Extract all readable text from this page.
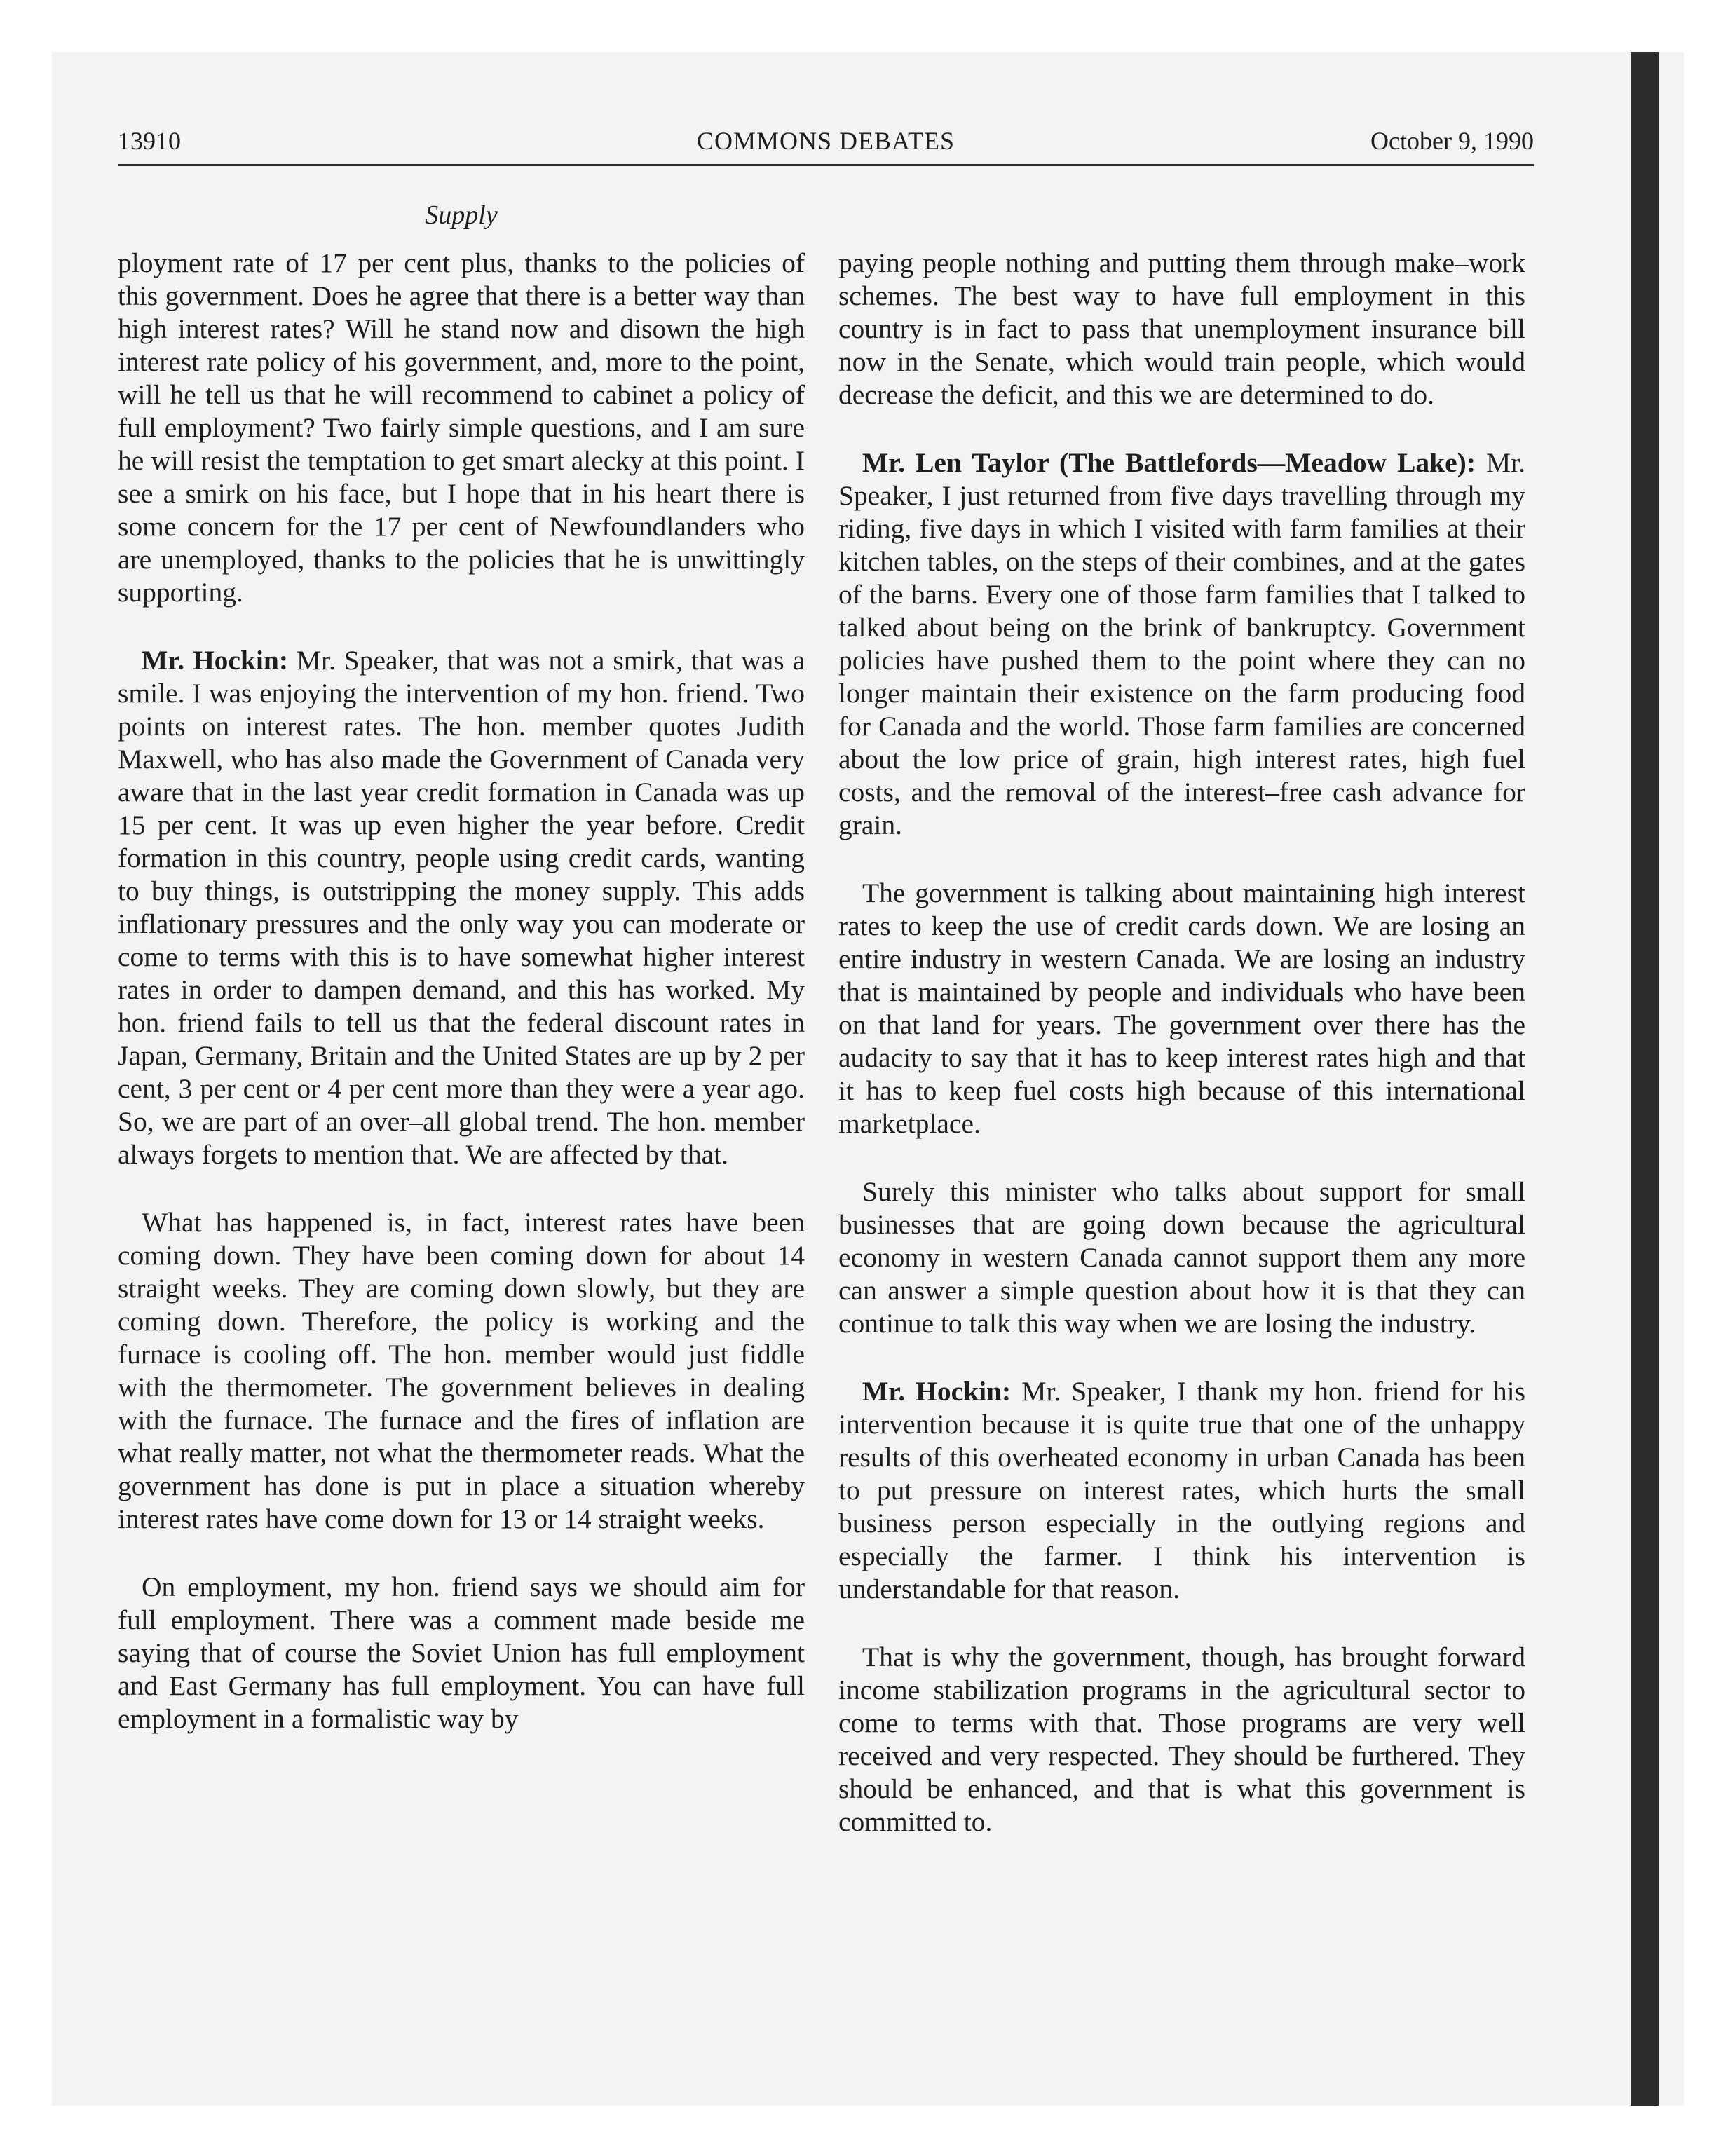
13910	COMMONS DEBATES	October 9, 1990
Supply

ployment rate of 17 per cent plus, thanks to the policies of this government. Does he agree that there is a better way than high interest rates? Will he stand now and disown the high interest rate policy of his government, and, more to the point, will he tell us that he will recommend to cabinet a policy of full employment? Two fairly simple questions, and I am sure he will resist the temptation to get smart alecky at this point. I see a smirk on his face, but I hope that in his heart there is some concern for the 17 per cent of Newfoundlanders who are unemployed, thanks to the policies that he is unwittingly supporting.

Mr. Hockin: Mr. Speaker, that was not a smirk, that was a smile. I was enjoying the intervention of my hon. friend. Two points on interest rates. The hon. member quotes Judith Maxwell, who has also made the Government of Canada very aware that in the last year credit formation in Canada was up 15 per cent. It was up even higher the year before. Credit formation in this country, people using credit cards, wanting to buy things, is outstripping the money supply. This adds inflationary pressures and the only way you can moderate or come to terms with this is to have somewhat higher interest rates in order to dampen demand, and this has worked. My hon. friend fails to tell us that the federal discount rates in Japan, Germany, Britain and the United States are up by 2 per cent, 3 per cent or 4 per cent more than they were a year ago. So, we are part of an over–all global trend. The hon. member always forgets to mention that. We are affected by that.

What has happened is, in fact, interest rates have been coming down. They have been coming down for about 14 straight weeks. They are coming down slowly, but they are coming down. Therefore, the policy is working and the furnace is cooling off. The hon. member would just fiddle with the thermometer. The government believes in dealing with the furnace. The furnace and the fires of inflation are what really matter, not what the thermometer reads. What the government has done is put in place a situation whereby interest rates have come down for 13 or 14 straight weeks.

On employment, my hon. friend says we should aim for full employment. There was a comment made beside me saying that of course the Soviet Union has full employment and East Germany has full employment. You can have full employment in a formalistic way by

paying people nothing and putting them through make–work schemes. The best way to have full employment in this country is in fact to pass that unemployment insurance bill now in the Senate, which would train people, which would decrease the deficit, and this we are determined to do.

Mr. Len Taylor (The Battlefords—Meadow Lake): Mr. Speaker, I just returned from five days travelling through my riding, five days in which I visited with farm families at their kitchen tables, on the steps of their combines, and at the gates of the barns. Every one of those farm families that I talked to talked about being on the brink of bankruptcy. Government policies have pushed them to the point where they can no longer maintain their existence on the farm producing food for Canada and the world. Those farm families are concerned about the low price of grain, high interest rates, high fuel costs, and the removal of the interest–free cash advance for grain.

The government is talking about maintaining high interest rates to keep the use of credit cards down. We are losing an entire industry in western Canada. We are losing an industry that is maintained by people and individuals who have been on that land for years. The government over there has the audacity to say that it has to keep interest rates high and that it has to keep fuel costs high because of this international marketplace.

Surely this minister who talks about support for small businesses that are going down because the agricultural economy in western Canada cannot support them any more can answer a simple question about how it is that they can continue to talk this way when we are losing the industry.

Mr. Hockin: Mr. Speaker, I thank my hon. friend for his intervention because it is quite true that one of the unhappy results of this overheated economy in urban Canada has been to put pressure on interest rates, which hurts the small business person especially in the outlying regions and especially the farmer. I think his intervention is understandable for that reason.

That is why the government, though, has brought forward income stabilization programs in the agricultural sector to come to terms with that. Those programs are very well received and very respected. They should be furthered. They should be enhanced, and that is what this government is committed to.
